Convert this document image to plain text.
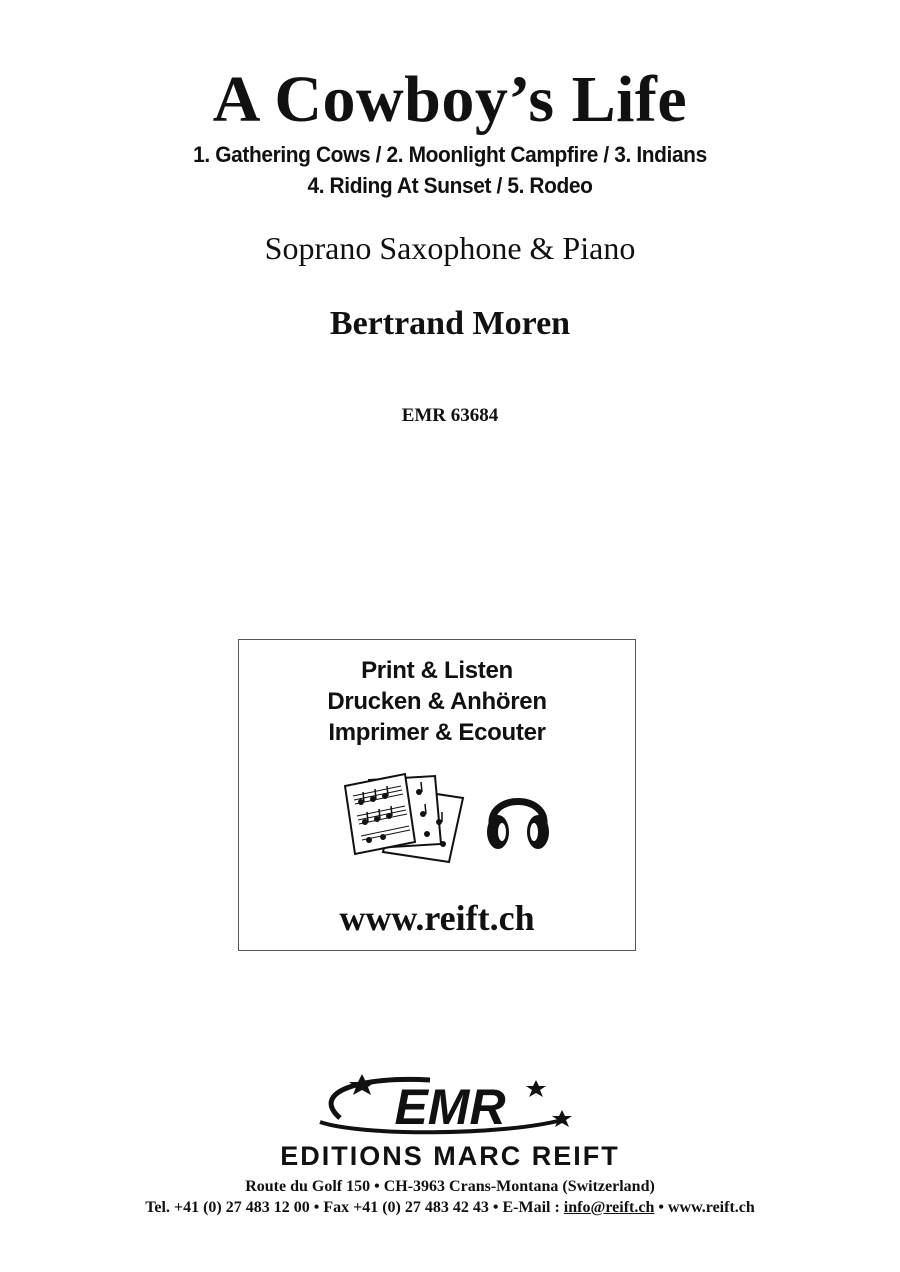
A Cowboy’s Life
1. Gathering Cows / 2. Moonlight Campfire / 3. Indians
4. Riding At Sunset / 5. Rodeo
Soprano Saxophone & Piano
Bertrand Moren
EMR 63684
Print & Listen
Drucken & Anhören
Imprimer & Ecouter
www.reift.ch
EMR
EDITIONS MARC REIFT
Route du Golf 150 • CH-3963 Crans-Montana (Switzerland)
Tel. +41 (0) 27 483 12 00 • Fax +41 (0) 27 483 42 43 • E-Mail : info@reift.ch • www.reift.ch
